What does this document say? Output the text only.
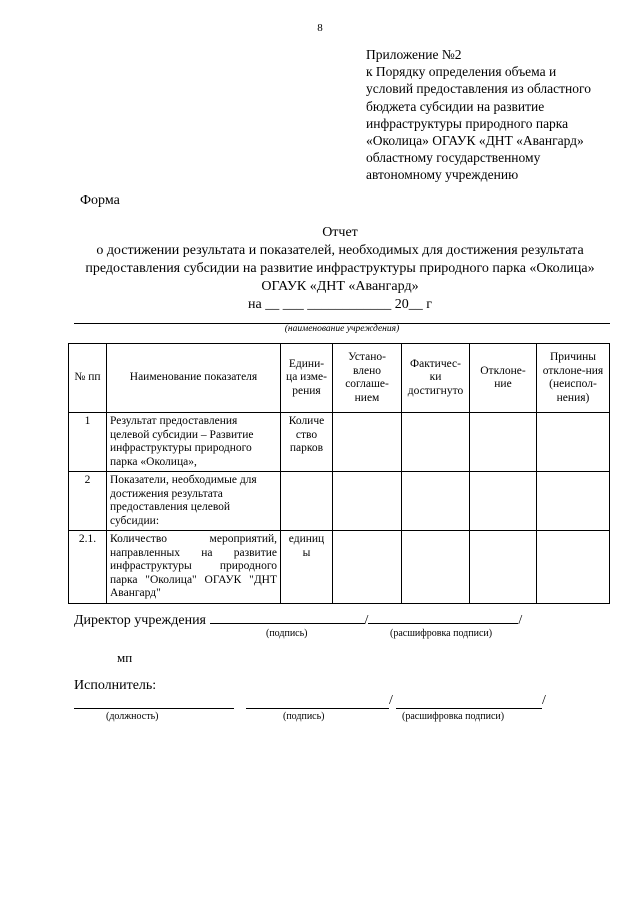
8
Приложение №2
к Порядку определения объема и
условий предоставления из областного
бюджета субсидии на развитие
инфраструктуры природного парка
«Околица» ОГАУК «ДНТ «Авангард»
областному государственному
автономному учреждению
Форма
Отчет
о достижении результата и показателей, необходимых для достижения результата
предоставления субсидии на развитие инфраструктуры природного парка «Околица»
ОГАУК «ДНТ «Авангард»
на __ ___ ____________ 20__ г
(наименование учреждения)
№ пп	Наименование показателя	Едини-ца изме-рения	Устано-влено соглаше-нием	Фактичес-ки достигнуто	Отклоне-ние	Причины отклоне-ния (неиспол-нения)
1	Результат предоставления целевой субсидии – Развитие инфраструктуры природного парка «Околица»,	Количе ство парков				
2	Показатели, необходимые для достижения результата предоставления целевой субсидии:					
2.1.	Количество мероприятий, направленных на развитие инфраструктуры природного парка "Околица" ОГАУК "ДНТ Авангард"	единиц ы				
Директор учреждения	/	/
(подпись)	(расшифровка подписи)
мп
Исполнитель:
/	/
(должность)	(подпись)	(расшифровка подписи)
